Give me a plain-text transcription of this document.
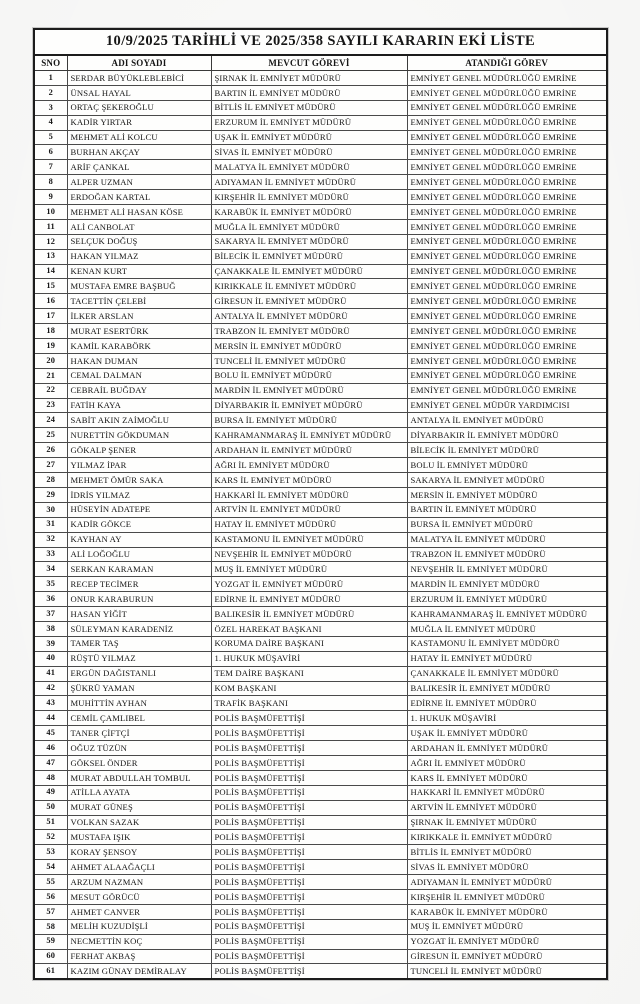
10/9/2025 TARİHLİ VE 2025/358 SAYILI KARARIN EKİ LİSTE			
SNO	ADI SOYADI	MEVCUT GÖREVİ	ATANDIĞI GÖREV
1	SERDAR BÜYÜKLEBLEBİCİ	ŞIRNAK İL EMNİYET MÜDÜRÜ	EMNİYET GENEL MÜDÜRLÜĞÜ EMRİNE
2	ÜNSAL HAYAL	BARTIN İL EMNİYET MÜDÜRÜ	EMNİYET GENEL MÜDÜRLÜĞÜ EMRİNE
3	ORTAÇ ŞEKEROĞLU	BİTLİS İL EMNİYET MÜDÜRÜ	EMNİYET GENEL MÜDÜRLÜĞÜ EMRİNE
4	KADİR YIRTAR	ERZURUM İL EMNİYET MÜDÜRÜ	EMNİYET GENEL MÜDÜRLÜĞÜ EMRİNE
5	MEHMET ALİ KOLCU	UŞAK İL EMNİYET MÜDÜRÜ	EMNİYET GENEL MÜDÜRLÜĞÜ EMRİNE
6	BURHAN AKÇAY	SİVAS İL EMNİYET MÜDÜRÜ	EMNİYET GENEL MÜDÜRLÜĞÜ EMRİNE
7	ARİF ÇANKAL	MALATYA İL EMNİYET MÜDÜRÜ	EMNİYET GENEL MÜDÜRLÜĞÜ EMRİNE
8	ALPER UZMAN	ADIYAMAN İL EMNİYET MÜDÜRÜ	EMNİYET GENEL MÜDÜRLÜĞÜ EMRİNE
9	ERDOĞAN KARTAL	KIRŞEHİR İL EMNİYET MÜDÜRÜ	EMNİYET GENEL MÜDÜRLÜĞÜ EMRİNE
10	MEHMET ALİ HASAN KÖSE	KARABÜK İL EMNİYET MÜDÜRÜ	EMNİYET GENEL MÜDÜRLÜĞÜ EMRİNE
11	ALİ CANBOLAT	MUĞLA İL EMNİYET MÜDÜRÜ	EMNİYET GENEL MÜDÜRLÜĞÜ EMRİNE
12	SELÇUK DOĞUŞ	SAKARYA İL EMNİYET MÜDÜRÜ	EMNİYET GENEL MÜDÜRLÜĞÜ EMRİNE
13	HAKAN YILMAZ	BİLECİK İL EMNİYET MÜDÜRÜ	EMNİYET GENEL MÜDÜRLÜĞÜ EMRİNE
14	KENAN KURT	ÇANAKKALE İL EMNİYET MÜDÜRÜ	EMNİYET GENEL MÜDÜRLÜĞÜ EMRİNE
15	MUSTAFA EMRE BAŞBUĞ	KIRIKKALE İL EMNİYET MÜDÜRÜ	EMNİYET GENEL MÜDÜRLÜĞÜ EMRİNE
16	TACETTİN ÇELEBİ	GİRESUN İL EMNİYET MÜDÜRÜ	EMNİYET GENEL MÜDÜRLÜĞÜ EMRİNE
17	İLKER ARSLAN	ANTALYA İL EMNİYET MÜDÜRÜ	EMNİYET GENEL MÜDÜRLÜĞÜ EMRİNE
18	MURAT ESERTÜRK	TRABZON İL EMNİYET MÜDÜRÜ	EMNİYET GENEL MÜDÜRLÜĞÜ EMRİNE
19	KAMİL KARABÖRK	MERSİN İL EMNİYET MÜDÜRÜ	EMNİYET GENEL MÜDÜRLÜĞÜ EMRİNE
20	HAKAN DUMAN	TUNCELİ İL EMNİYET MÜDÜRÜ	EMNİYET GENEL MÜDÜRLÜĞÜ EMRİNE
21	CEMAL DALMAN	BOLU İL EMNİYET MÜDÜRÜ	EMNİYET GENEL MÜDÜRLÜĞÜ EMRİNE
22	CEBRAİL BUĞDAY	MARDİN İL EMNİYET MÜDÜRÜ	EMNİYET GENEL MÜDÜRLÜĞÜ EMRİNE
23	FATİH KAYA	DİYARBAKIR İL EMNİYET MÜDÜRÜ	EMNİYET GENEL MÜDÜR YARDIMCISI
24	SABİT AKIN ZAİMOĞLU	BURSA İL EMNİYET MÜDÜRÜ	ANTALYA İL EMNİYET MÜDÜRÜ
25	NURETTİN GÖKDUMAN	KAHRAMANMARAŞ İL EMNİYET MÜDÜRÜ	DİYARBAKIR İL EMNİYET MÜDÜRÜ
26	GÖKALP ŞENER	ARDAHAN İL EMNİYET MÜDÜRÜ	BİLECİK İL EMNİYET MÜDÜRÜ
27	YILMAZ İPAR	AĞRI İL EMNİYET MÜDÜRÜ	BOLU İL EMNİYET MÜDÜRÜ
28	MEHMET ÖMÜR SAKA	KARS İL EMNİYET MÜDÜRÜ	SAKARYA İL EMNİYET MÜDÜRÜ
29	İDRİS YILMAZ	HAKKARİ İL EMNİYET MÜDÜRÜ	MERSİN İL EMNİYET MÜDÜRÜ
30	HÜSEYİN ADATEPE	ARTVİN İL EMNİYET MÜDÜRÜ	BARTIN İL EMNİYET MÜDÜRÜ
31	KADİR GÖKCE	HATAY İL EMNİYET MÜDÜRÜ	BURSA İL EMNİYET MÜDÜRÜ
32	KAYHAN AY	KASTAMONU İL EMNİYET MÜDÜRÜ	MALATYA İL EMNİYET MÜDÜRÜ
33	ALİ LOĞOĞLU	NEVŞEHİR İL EMNİYET MÜDÜRÜ	TRABZON İL EMNİYET MÜDÜRÜ
34	SERKAN KARAMAN	MUŞ İL EMNİYET MÜDÜRÜ	NEVŞEHİR İL EMNİYET MÜDÜRÜ
35	RECEP TECİMER	YOZGAT İL EMNİYET MÜDÜRÜ	MARDİN İL EMNİYET MÜDÜRÜ
36	ONUR KARABURUN	EDİRNE İL EMNİYET MÜDÜRÜ	ERZURUM İL EMNİYET MÜDÜRÜ
37	HASAN YİĞİT	BALIKESİR İL EMNİYET MÜDÜRÜ	KAHRAMANMARAŞ İL EMNİYET MÜDÜRÜ
38	SÜLEYMAN KARADENİZ	ÖZEL HAREKAT BAŞKANI	MUĞLA İL EMNİYET MÜDÜRÜ
39	TAMER TAŞ	KORUMA DAİRE BAŞKANI	KASTAMONU İL EMNİYET MÜDÜRÜ
40	RÜŞTÜ YILMAZ	1. HUKUK MÜŞAVİRİ	HATAY İL EMNİYET MÜDÜRÜ
41	ERGÜN DAĞISTANLI	TEM DAİRE BAŞKANI	ÇANAKKALE İL EMNİYET MÜDÜRÜ
42	ŞÜKRÜ YAMAN	KOM BAŞKANI	BALIKESİR İL EMNİYET MÜDÜRÜ
43	MUHİTTİN AYHAN	TRAFİK BAŞKANI	EDİRNE İL EMNİYET MÜDÜRÜ
44	CEMİL ÇAMLIBEL	POLİS BAŞMÜFETTİŞİ	1. HUKUK MÜŞAVİRİ
45	TANER ÇİFTÇİ	POLİS BAŞMÜFETTİŞİ	UŞAK İL EMNİYET MÜDÜRÜ
46	OĞUZ TÜZÜN	POLİS BAŞMÜFETTİŞİ	ARDAHAN İL EMNİYET MÜDÜRÜ
47	GÖKSEL ÖNDER	POLİS BAŞMÜFETTİŞİ	AĞRI İL EMNİYET MÜDÜRÜ
48	MURAT ABDULLAH TOMBUL	POLİS BAŞMÜFETTİŞİ	KARS İL EMNİYET MÜDÜRÜ
49	ATİLLA AYATA	POLİS BAŞMÜFETTİŞİ	HAKKARİ İL EMNİYET MÜDÜRÜ
50	MURAT GÜNEŞ	POLİS BAŞMÜFETTİŞİ	ARTVİN İL EMNİYET MÜDÜRÜ
51	VOLKAN SAZAK	POLİS BAŞMÜFETTİŞİ	ŞIRNAK İL EMNİYET MÜDÜRÜ
52	MUSTAFA IŞIK	POLİS BAŞMÜFETTİŞİ	KIRIKKALE İL EMNİYET MÜDÜRÜ
53	KORAY ŞENSOY	POLİS BAŞMÜFETTİŞİ	BİTLİS İL EMNİYET MÜDÜRÜ
54	AHMET ALAAĞAÇLI	POLİS BAŞMÜFETTİŞİ	SİVAS İL EMNİYET MÜDÜRÜ
55	ARZUM NAZMAN	POLİS BAŞMÜFETTİŞİ	ADIYAMAN İL EMNİYET MÜDÜRÜ
56	MESUT GÖRÜCÜ	POLİS BAŞMÜFETTİŞİ	KIRŞEHİR İL EMNİYET MÜDÜRÜ
57	AHMET CANVER	POLİS BAŞMÜFETTİŞİ	KARABÜK İL EMNİYET MÜDÜRÜ
58	MELİH KUZUDİŞLİ	POLİS BAŞMÜFETTİŞİ	MUŞ İL EMNİYET MÜDÜRÜ
59	NECMETTİN KOÇ	POLİS BAŞMÜFETTİŞİ	YOZGAT İL EMNİYET MÜDÜRÜ
60	FERHAT AKBAŞ	POLİS BAŞMÜFETTİŞİ	GİRESUN İL EMNİYET MÜDÜRÜ
61	KAZIM GÜNAY DEMİRALAY	POLİS BAŞMÜFETTİŞİ	TUNCELİ İL EMNİYET MÜDÜRÜ
